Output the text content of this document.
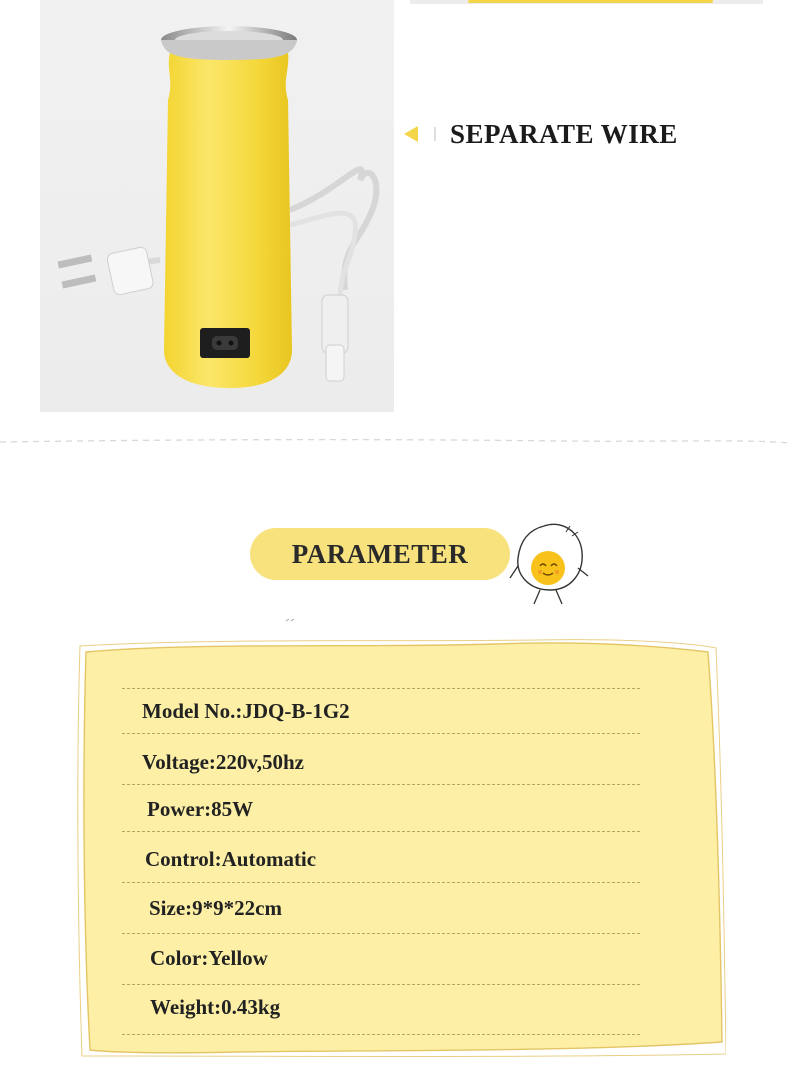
SEPARATE WIRE
PARAMETER
Model No.:JDQ-B-1G2
Voltage:220v,50hz
Power:85W
Control:Automatic
Size:9*9*22cm
Color:Yellow
Weight:0.43kg
